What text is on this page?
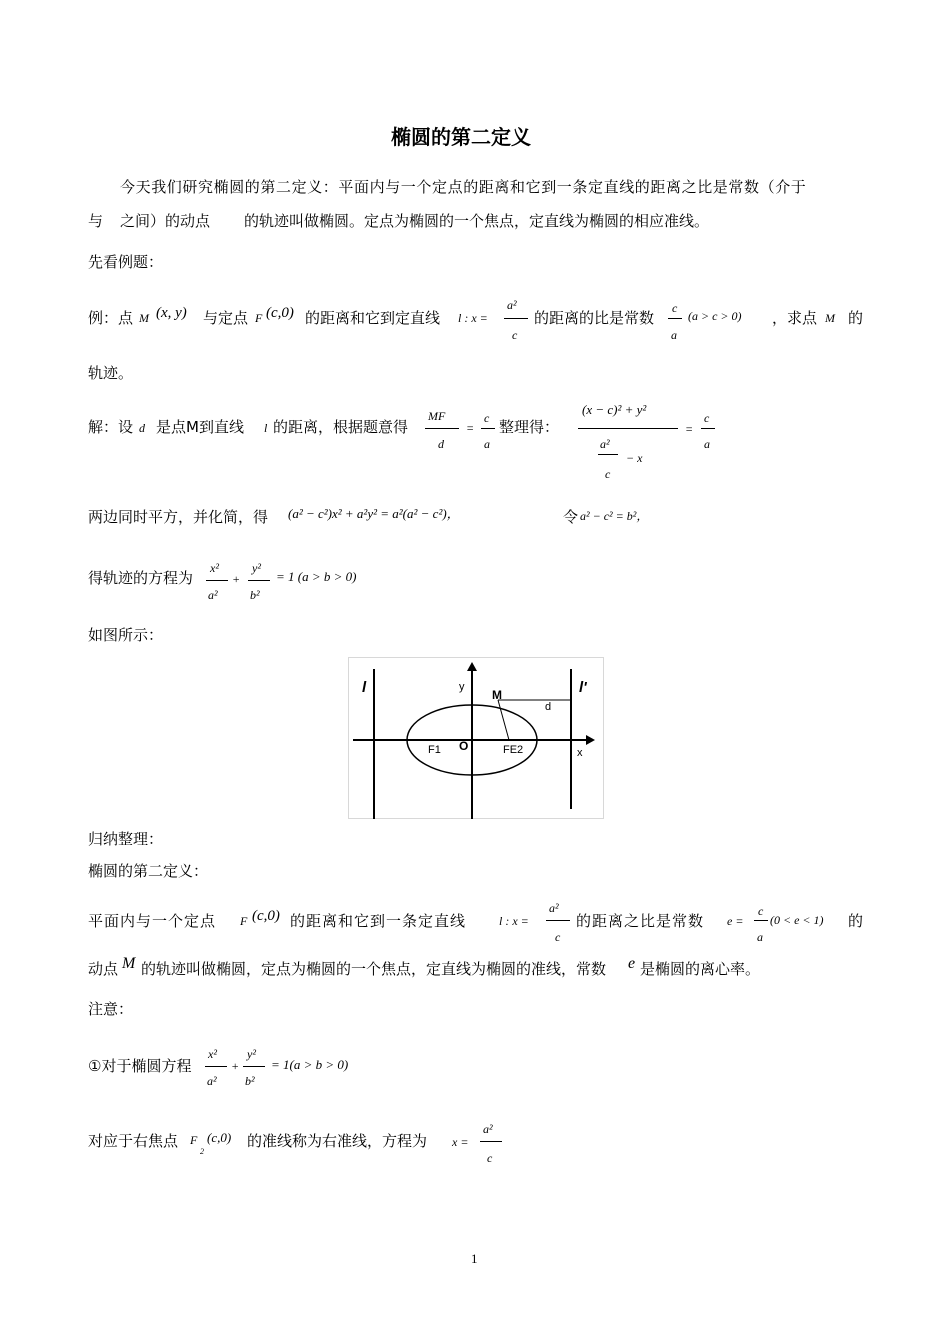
椭圆的第二定义
今天我们研究椭圆的第二定义：平面内与一个定点的距离和它到一条定直线的距离之比是常数（介于
与 之间）的动点 的轨迹叫做椭圆。定点为椭圆的一个焦点，定直线为椭圆的相应准线。
先看例题：
例：点 M (x, y) 与定点 F (c,0) 的距离和它到定直线 l : x =
a²
c
的距离的比是常数
c
a
(a > c > 0) ，求点 M 的
轨迹。
解：设 d 是点M到直线 l 的距离，根据题意得
MF
d
=
c
a
整理得：
(x − c)² + y²
a²
− x
c
=
c
a
两边同时平方，并化简，得 (a² − c²)x² + a²y² = a²(a² − c²)，	令 a² − c² = b²，
得轨迹的方程为
x²
a²
+
y²
b²
= 1 (a > b > 0)
如图所示：
l	l'
y
M
d
O
F1	FE2	x
归纳整理：
椭圆的第二定义：
平面内与一个定点 F (c,0) 的距离和它到一条定直线	l : x =
a²
c
的距离之比是常数 e =
c
a
(0 < e < 1) 的
动点 M 的轨迹叫做椭圆，定点为椭圆的一个焦点，定直线为椭圆的准线，常数 e 是椭圆的离心率。
注意：
①对于椭圆方程
x²
a²
+
y²
b²
= 1(a > b > 0)
对应于右焦点 F
2
(c,0) 的准线称为右准线，方程为 x =
a²
c
1
